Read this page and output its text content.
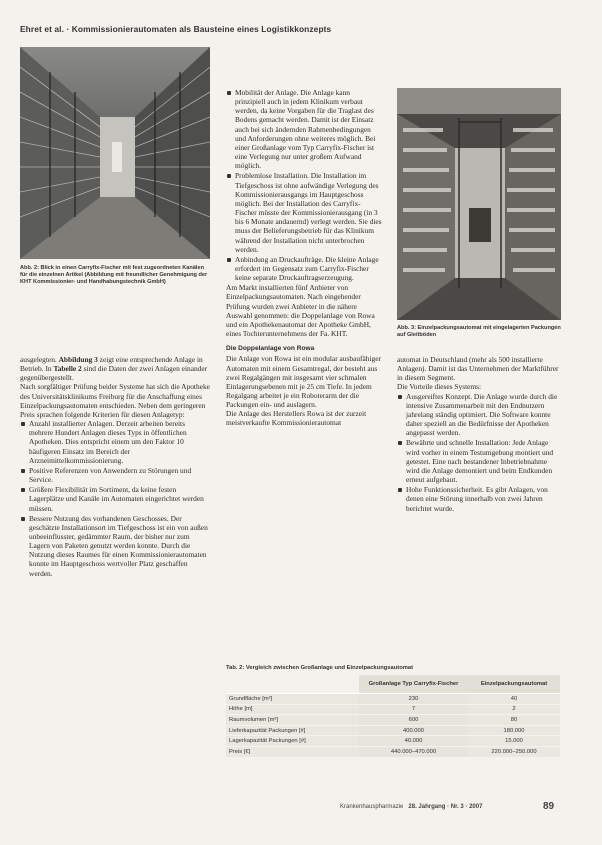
Ehret et al. · Kommissionierautomaten als Bausteine eines Logistikkonzepts
Abb. 2: Blick in einen Carryfix-Fischer mit fest zugeordneten Kanälen für die einzelnen Artikel (Abbildung mit freundlicher Genehmigung der KHT Kommissionier- und Handhabungstechnik GmbH)
Abb. 3: Einzelpackungsautomat mit eingelagerten Packungen auf Gleitböden

ausgelegten. Abbildung 3 zeigt eine entsprechende Anlage in Betrieb. In Tabelle 2 sind die Daten der zwei Anlagen einander gegenübergestellt.

Nach sorgfältiger Prüfung beider Systeme hat sich die Apotheke des Universitätsklinikums Freiburg für die Anschaffung eines Einzelpackungsautomaten entschieden. Neben dem geringeren Preis sprachen folgende Kriterien für diesen Anlagetyp:

Anzahl installierter Anlagen. Derzeit arbeiten bereits mehrere Hundert Anlagen dieses Typs in öffentlichen Apotheken. Dies entspricht einem um den Faktor 10 häufigeren Einsatz im Bereich der Arzneimittelkommissionierung.
Positive Referenzen von Anwendern zu Störungen und Service.
Größere Flexibilität im Sortiment, da keine festen Lagerplätze und Kanäle im Automaten eingerichtet werden müssen.
Bessere Nutzung des vorhandenen Geschosses. Der geschätzte Installationsort im Tiefgeschoss ist ein von außen unbeeinflusster, gedämmter Raum, der bisher nur zum Lagern von Paketen genutzt werden konnte. Durch die Nutzung dieses Raumes für einen Kommissionierautomaten konnte im Hauptgeschoss wertvoller Platz geschaffen werden.
Mobilität der Anlage. Die Anlage kann prinzipiell auch in jedem Klinikum verbaut werden, da keine Vorgaben für die Traglast des Bodens gemacht werden. Damit ist der Einsatz auch bei sich ändernden Rahmenbedingungen und Anforderungen ohne weiteres möglich. Bei einer Großanlage vom Typ Carryfix-Fischer ist eine Verlegung nur unter großem Aufwand möglich.
Problemlose Installation. Die Installation im Tiefgeschoss ist ohne aufwändige Verlegung des Kommissionierausgangs im Hauptgeschoss möglich. Bei der Installation des Carryfix-Fischer müsste der Kommissionierausgang (in 3 bis 6 Monate andauernd) verlegt werden. Sie dies muss der Belieferungsbetrieb für das Klinikum während der Installation nicht unterbrochen werden.
Anbindung an Druckaufträge. Die kleine Anlage erfordert im Gegensatz zum Carryfix-Fischer keine separate Druckauftragserzeugung.

Am Markt installierten fünf Anbieter von Einzelpackungsautomaten. Nach eingehender Prüfung wurden zwei Anbieter in die nähere Auswahl genommen: die Doppelanlage von Rowa und ein Apothekenautomat der Apotheke GmbH, eines Tochterunternehmens der Fa. KHT.

Die Doppelanlage von Rowa

Die Anlage von Rowa ist ein modular ausbaufähiger Automaten mit einem Gesamtregal, der besteht aus zwei Regalgängen mit insgesamt vier schmalen Einlagerungsebenen mit je 25 cm Tiefe. In jedem Regalgang arbeitet je ein Roboterarm der die Packungen ein- und auslagern.

Die Anlage des Herstellers Rowa ist der zurzeit meistverkaufte Kommissionierautomat

automat in Deutschland (mehr als 500 installierte Anlagen). Damit ist das Unternehmen der Marktführer in diesem Segment.

Die Vorteile dieses Systems:

Ausgereiftes Konzept. Die Anlage wurde durch die intensive Zusammenarbeit mit den Endnutzern jahrelang ständig optimiert. Die Software konnte daher speziell an die Bedürfnisse der Apotheken angepasst werden.
Bewährte und schnelle Installation: Jede Anlage wird vorher in einem Testumgebung montiert und getestet. Eine nach bestandener Inbetriebnahme wird die Anlage demontiert und beim Endkunden erneut aufgebaut.
Hohe Funktionssicherheit. Es gibt Anlagen, von denen eine Störung innerhalb von zwei Jahren berichtet wurde.
Tab. 2: Vergleich zwischen Großanlage und Einzelpackungsautomat
	Großanlage Typ Carryfix-Fischer	Einzelpackungsautomat
Grundfläche [m²]	230	40
Höhe [m]	7	2
Raumvolumen [m³]	600	80
Lieferkapazität Packungen [#]	400.000	180.000
Lagerkapazität Packungen [#]	40.000	15.000
Preis [€]	440.000–470.000	220.000–250.000
Krankenhauspharmazie 28. Jahrgang · Nr. 3 · 2007	89
